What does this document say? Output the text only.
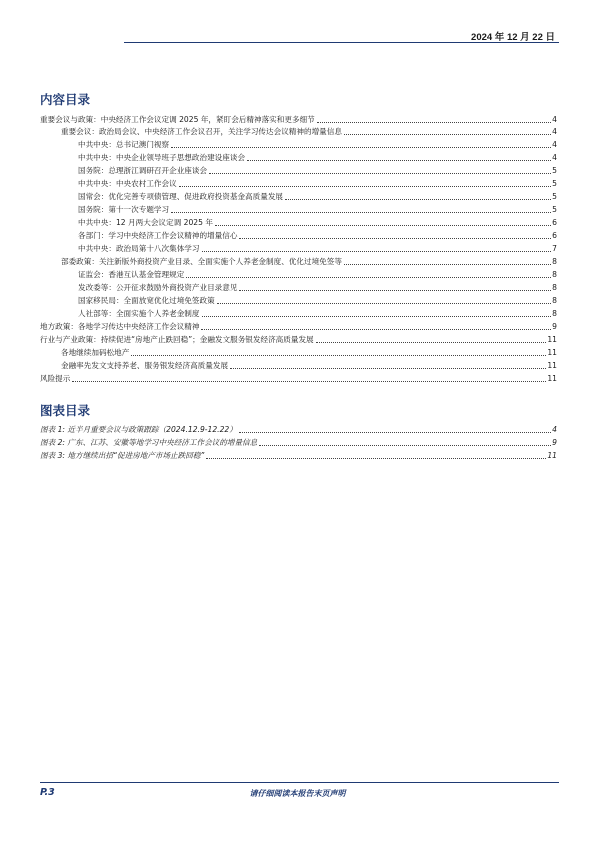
2024 年 12 月 22 日
内容目录
重要会议与政策：中央经济工作会议定调 2025 年，紧盯会后精神落实和更多细节	4
重要会议：政治局会议、中央经济工作会议召开，关注学习传达会议精神的增量信息	4
中共中央：总书记澳门视察	4
中共中央：中央企业领导班子思想政治建设座谈会	4
国务院：总理浙江调研召开企业座谈会	5
中共中央：中央农村工作会议	5
国常会：优化完善专项债管理、促进政府投资基金高质量发展	5
国务院：第十一次专题学习	5
中共中央：12 月两大会议定调 2025 年	6
各部门：学习中央经济工作会议精神的增量信心	6
中共中央：政治局第十八次集体学习	7
部委政策：关注新版外商投资产业目录、全面实施个人养老金制度、优化过境免签等	8
证监会：香港互认基金管理规定	8
发改委等：公开征求鼓励外商投资产业目录意见	8
国家移民局：全面放宽优化过境免签政策	8
人社部等：全面实施个人养老金制度	8
地方政策：各地学习传达中央经济工作会议精神	9
行业与产业政策：持续促进“房地产止跌回稳”；金融发文服务银发经济高质量发展	11
各地继续加码松地产	11
金融率先发文支持养老、服务银发经济高质量发展	11
风险提示	11
图表目录
图表 1: 近半月重要会议与政策跟踪（2024.12.9-12.22）	4
图表 2: 广东、江苏、安徽等地学习中央经济工作会议的增量信息	9
图表 3: 地方继续出招“促进房地产市场止跌回稳”	11
P.3	请仔细阅读本报告末页声明
